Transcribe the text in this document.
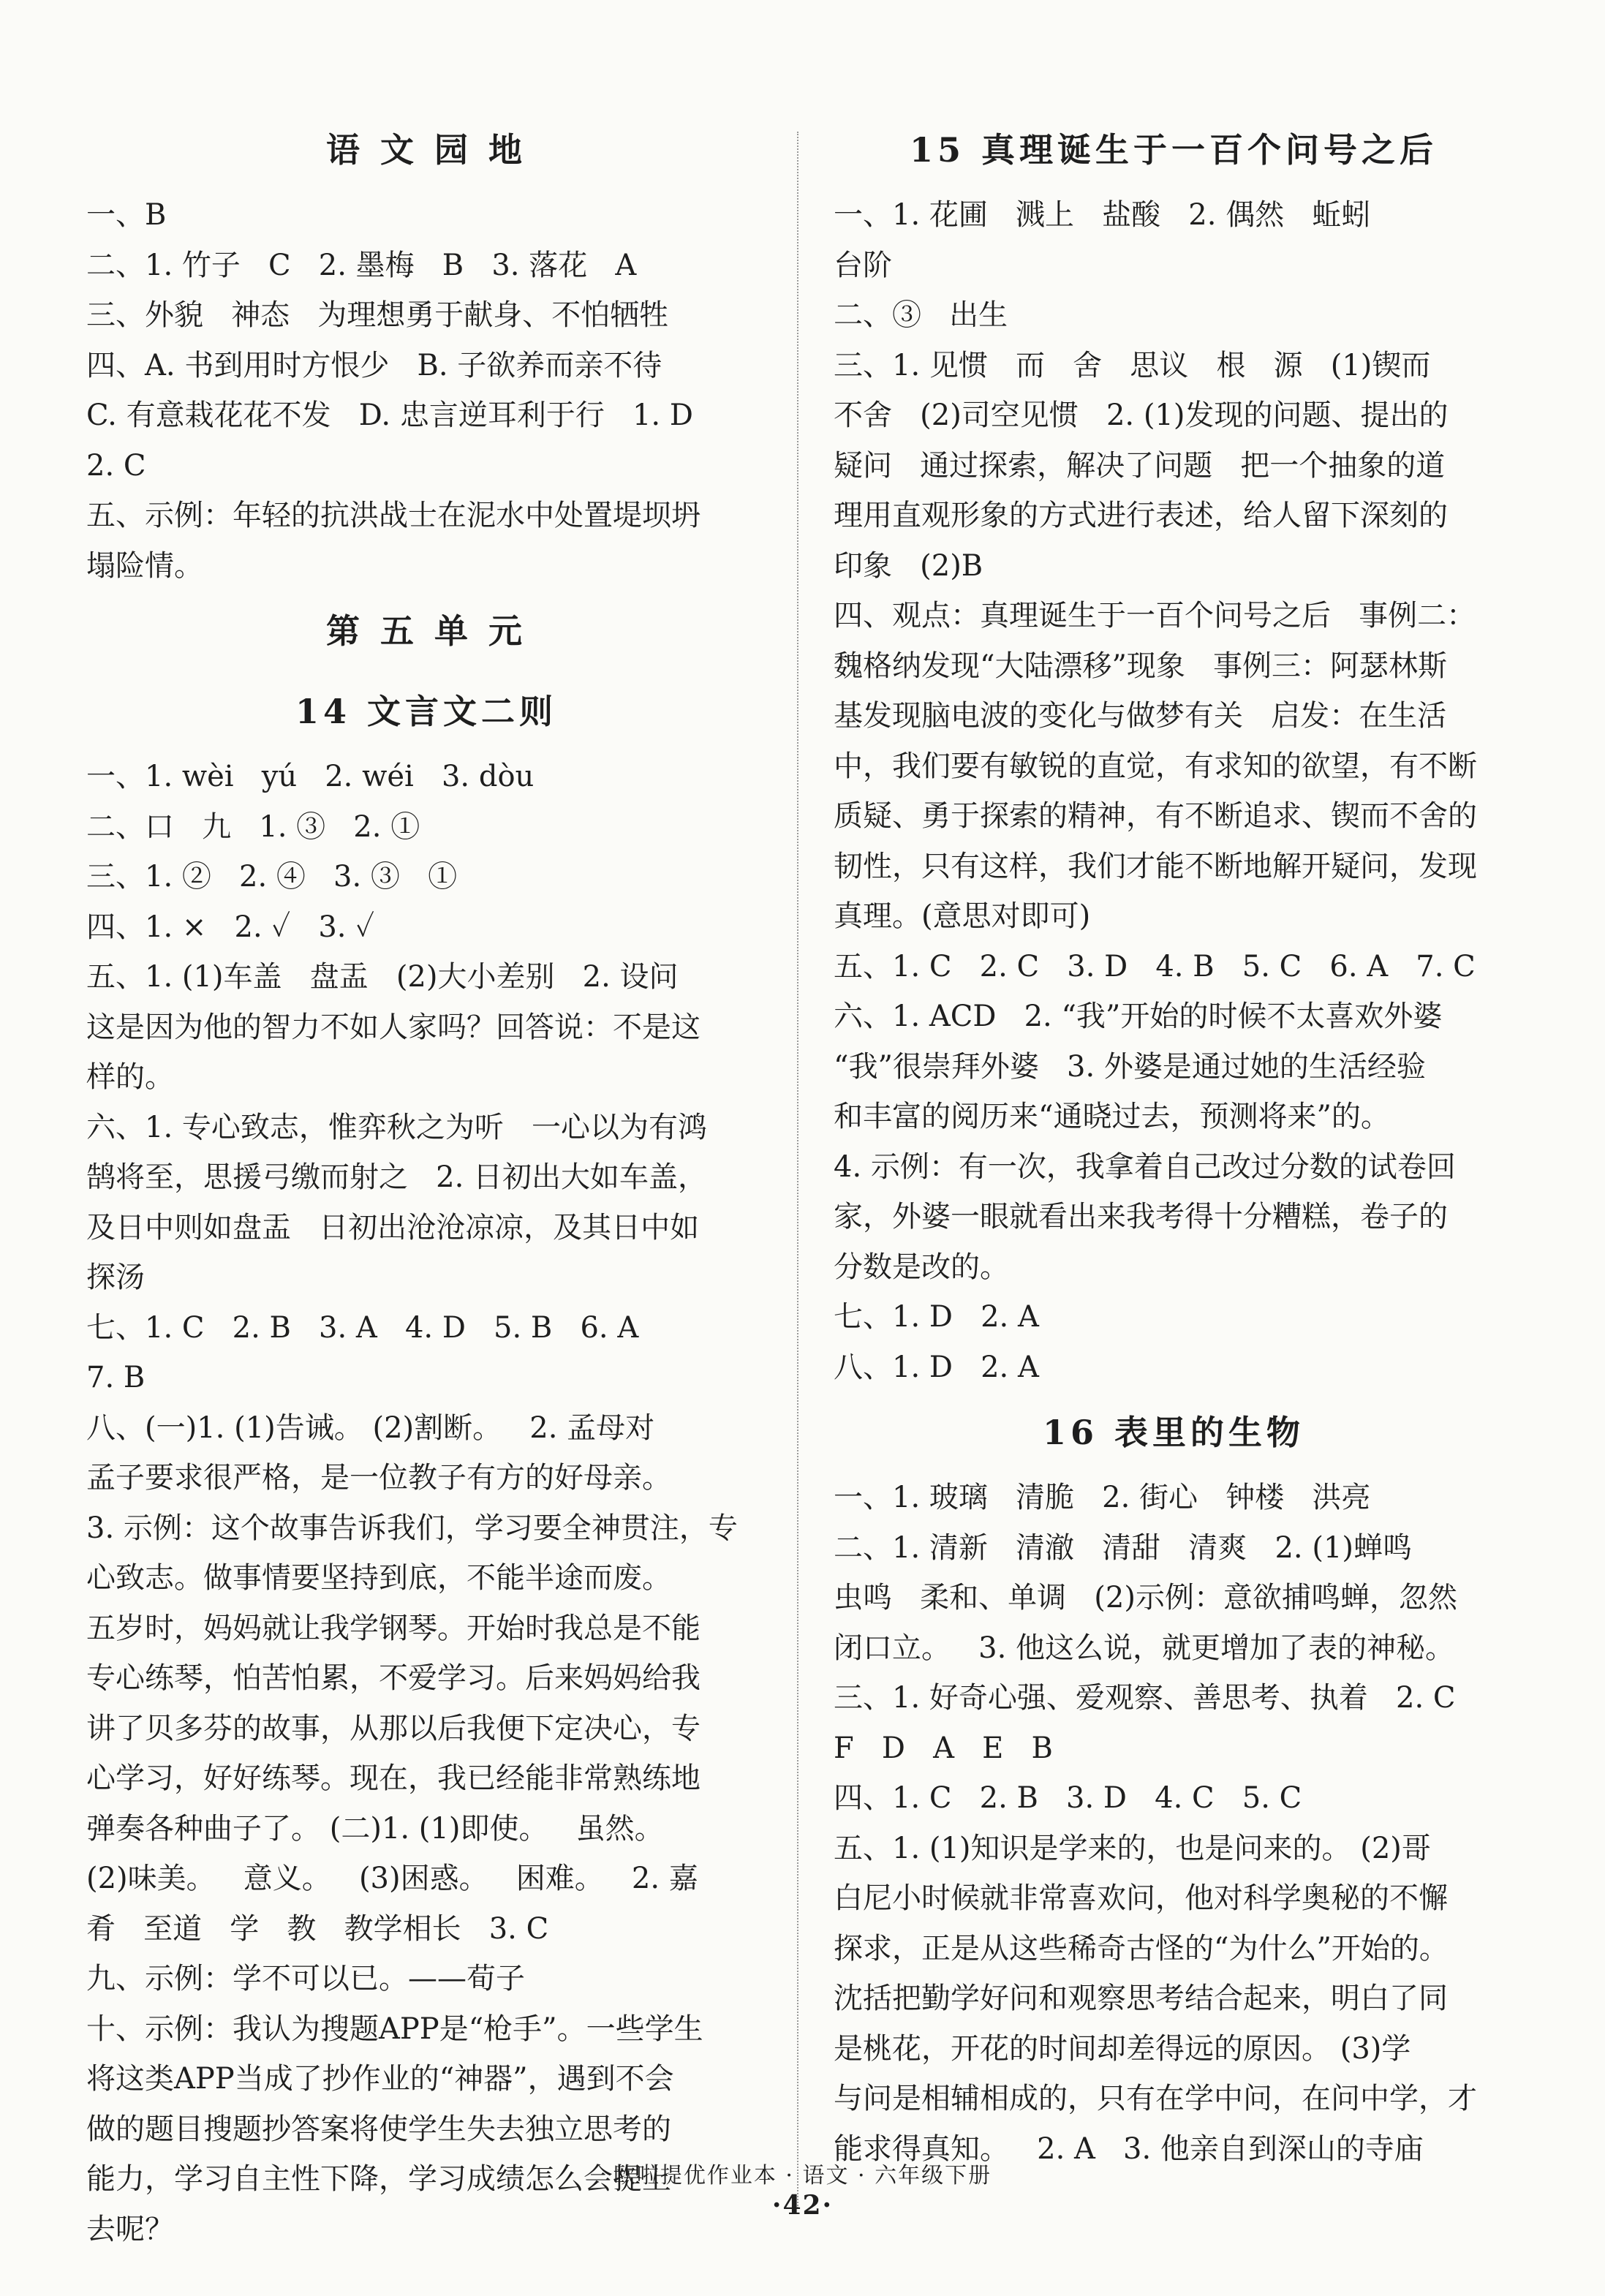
语 文 园 地
一、B
二、1. 竹子   C   2. 墨梅   B   3. 落花   A
三、外貌   神态   为理想勇于献身、不怕牺牲
四、A. 书到用时方恨少   B. 子欲养而亲不待
C. 有意栽花花不发   D. 忠言逆耳利于行   1. D
2. C
五、示例：年轻的抗洪战士在泥水中处置堤坝坍
塌险情。
第 五 单 元
14 文言文二则
一、1. wèi   yú   2. wéi   3. dòu
二、口   九   1. ③   2. ①
三、1. ②   2. ④   3. ③   ①
四、1. ×   2. ✓   3. ✓
五、1. (1)车盖   盘盂   (2)大小差别   2. 设问
这是因为他的智力不如人家吗？回答说：不是这
样的。
六、1. 专心致志，惟弈秋之为听   一心以为有鸿
鹄将至，思援弓缴而射之   2. 日初出大如车盖，
及日中则如盘盂   日初出沧沧凉凉，及其日中如
探汤
七、1. C   2. B   3. A   4. D   5. B   6. A
7. B
八、(一)1. (1)告诫。 (2)割断。   2. 孟母对
孟子要求很严格，是一位教子有方的好母亲。
3. 示例：这个故事告诉我们，学习要全神贯注，专
心致志。做事情要坚持到底，不能半途而废。
五岁时，妈妈就让我学钢琴。开始时我总是不能
专心练琴，怕苦怕累，不爱学习。后来妈妈给我
讲了贝多芬的故事，从那以后我便下定决心，专
心学习，好好练琴。现在，我已经能非常熟练地
弹奏各种曲子了。 (二)1. (1)即使。   虽然。
(2)味美。   意义。   (3)困惑。   困难。   2. 嘉
肴   至道   学   教   教学相长   3. C
九、示例：学不可以已。——荀子
十、示例：我认为搜题APP是“枪手”。一些学生
将这类APP当成了抄作业的“神器”，遇到不会
做的题目搜题抄答案将使学生失去独立思考的
能力，学习自主性下降，学习成绩怎么会提上
去呢？
15 真理诞生于一百个问号之后
一、1. 花圃   溅上   盐酸   2. 偶然   蚯蚓
台阶
二、③   出生
三、1. 见惯   而   舍   思议   根   源   (1)锲而
不舍   (2)司空见惯   2. (1)发现的问题、提出的
疑问   通过探索，解决了问题   把一个抽象的道
理用直观形象的方式进行表述，给人留下深刻的
印象   (2)B
四、观点：真理诞生于一百个问号之后   事例二：
魏格纳发现“大陆漂移”现象   事例三：阿瑟林斯
基发现脑电波的变化与做梦有关   启发：在生活
中，我们要有敏锐的直觉，有求知的欲望，有不断
质疑、勇于探索的精神，有不断追求、锲而不舍的
韧性，只有这样，我们才能不断地解开疑问，发现
真理。(意思对即可)
五、1. C   2. C   3. D   4. B   5. C   6. A   7. C
六、1. ACD   2. “我”开始的时候不太喜欢外婆
“我”很崇拜外婆   3. 外婆是通过她的生活经验
和丰富的阅历来“通晓过去，预测将来”的。
4. 示例：有一次，我拿着自己改过分数的试卷回
家，外婆一眼就看出来我考得十分糟糕，卷子的
分数是改的。
七、1. D   2. A
八、1. D   2. A
16 表里的生物
一、1. 玻璃   清脆   2. 街心   钟楼   洪亮
二、1. 清新   清澈   清甜   清爽   2. (1)蝉鸣
虫鸣   柔和、单调   (2)示例：意欲捕鸣蝉，忽然
闭口立。   3. 他这么说，就更增加了表的神秘。
三、1. 好奇心强、爱观察、善思考、执着   2. C
F   D   A   E   B
四、1. C   2. B   3. D   4. C   5. C
五、1. (1)知识是学来的，也是问来的。 (2)哥
白尼小时候就非常喜欢问，他对科学奥秘的不懈
探求，正是从这些稀奇古怪的“为什么”开始的。
沈括把勤学好问和观察思考结合起来，明白了同
是桃花，开花的时间却差得远的原因。 (3)学
与问是相辅相成的，只有在学中问，在问中学，才
能求得真知。   2. A   3. 他亲自到深山的寺庙
欧啦提优作业本 · 语文 · 六年级下册
·42·
